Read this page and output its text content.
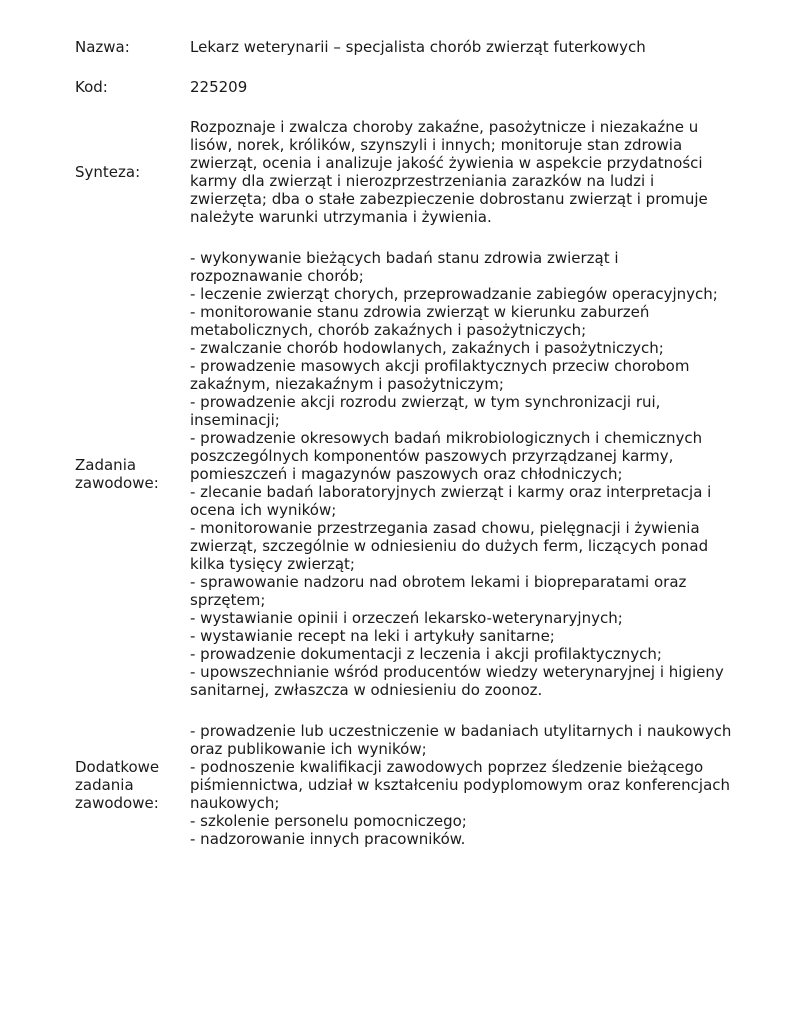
Nazwa:	Lekarz weterynarii – specjalista chorób zwierząt futerkowych
Kod:	225209
Synteza:
Rozpoznaje i zwalcza choroby zakaźne, pasożytnicze i niezakaźne u
lisów, norek, królików, szynszyli i innych; monitoruje stan zdrowia
zwierząt, ocenia i analizuje jakość żywienia w aspekcie przydatności
karmy dla zwierząt i nierozprzestrzeniania zarazków na ludzi i
zwierzęta; dba o stałe zabezpieczenie dobrostanu zwierząt i promuje
należyte warunki utrzymania i żywienia.
Zadania
zawodowe:
- wykonywanie bieżących badań stanu zdrowia zwierząt i
rozpoznawanie chorób;
- leczenie zwierząt chorych, przeprowadzanie zabiegów operacyjnych;
- monitorowanie stanu zdrowia zwierząt w kierunku zaburzeń
metabolicznych, chorób zakaźnych i pasożytniczych;
- zwalczanie chorób hodowlanych, zakaźnych i pasożytniczych;
- prowadzenie masowych akcji profilaktycznych przeciw chorobom
zakaźnym, niezakaźnym i pasożytniczym;
- prowadzenie akcji rozrodu zwierząt, w tym synchronizacji rui,
inseminacji;
- prowadzenie okresowych badań mikrobiologicznych i chemicznych
poszczególnych komponentów paszowych przyrządzanej karmy,
pomieszczeń i magazynów paszowych oraz chłodniczych;
- zlecanie badań laboratoryjnych zwierząt i karmy oraz interpretacja i
ocena ich wyników;
- monitorowanie przestrzegania zasad chowu, pielęgnacji i żywienia
zwierząt, szczególnie w odniesieniu do dużych ferm, liczących ponad
kilka tysięcy zwierząt;
- sprawowanie nadzoru nad obrotem lekami i biopreparatami oraz
sprzętem;
- wystawianie opinii i orzeczeń lekarsko-weterynaryjnych;
- wystawianie recept na leki i artykuły sanitarne;
- prowadzenie dokumentacji z leczenia i akcji profilaktycznych;
- upowszechnianie wśród producentów wiedzy weterynaryjnej i higieny
sanitarnej, zwłaszcza w odniesieniu do zoonoz.
Dodatkowe
zadania
zawodowe:
- prowadzenie lub uczestniczenie w badaniach utylitarnych i naukowych
oraz publikowanie ich wyników;
- podnoszenie kwalifikacji zawodowych poprzez śledzenie bieżącego
piśmiennictwa, udział w kształceniu podyplomowym oraz konferencjach
naukowych;
- szkolenie personelu pomocniczego;
- nadzorowanie innych pracowników.
